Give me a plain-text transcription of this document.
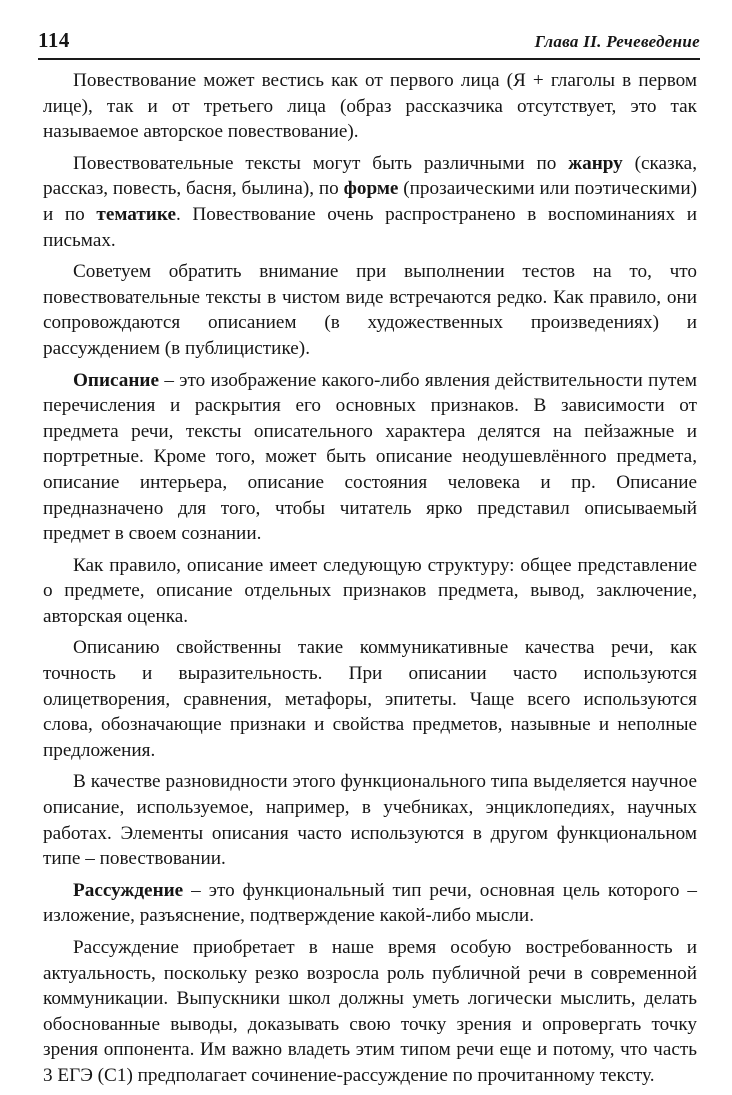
114	Глава II. Речеведение

Повествование может вестись как от первого лица (Я + глаголы в первом лице), так и от третьего лица (образ рассказчика отсутствует, это так называемое авторское повествование).

Повествовательные тексты могут быть различными по жанру (сказка, рассказ, повесть, басня, былина), по форме (прозаическими или поэтическими) и по тематике. Повествование очень распространено в воспоминаниях и письмах.

Советуем обратить внимание при выполнении тестов на то, что повествовательные тексты в чистом виде встречаются редко. Как правило, они сопровождаются описанием (в художественных произведениях) и рассуждением (в публицистике).

Описание – это изображение какого-либо явления действительности путем перечисления и раскрытия его основных признаков. В зависимости от предмета речи, тексты описательного характера делятся на пейзажные и портретные. Кроме того, может быть описание неодушевлённого предмета, описание интерьера, описание состояния человека и пр. Описание предназначено для того, чтобы читатель ярко представил описываемый предмет в своем сознании.

Как правило, описание имеет следующую структуру: общее представление о предмете, описание отдельных признаков предмета, вывод, заключение, авторская оценка.

Описанию свойственны такие коммуникативные качества речи, как точность и выразительность. При описании часто используются олицетворения, сравнения, метафоры, эпитеты. Чаще всего используются слова, обозначающие признаки и свойства предметов, назывные и неполные предложения.

В качестве разновидности этого функционального типа выделяется научное описание, используемое, например, в учебниках, энциклопедиях, научных работах. Элементы описания часто используются в другом функциональном типе – повествовании.

Рассуждение – это функциональный тип речи, основная цель которого – изложение, разъяснение, подтверждение какой-либо мысли.

Рассуждение приобретает в наше время особую востребованность и актуальность, поскольку резко возросла роль публичной речи в современной коммуникации. Выпускники школ должны уметь логически мыслить, делать обоснованные выводы, доказывать свою точку зрения и опровергать точку зрения оппонента. Им важно владеть этим типом речи еще и потому, что часть 3 ЕГЭ (С1) предполагает сочинение-рассуждение по прочитанному тексту.
